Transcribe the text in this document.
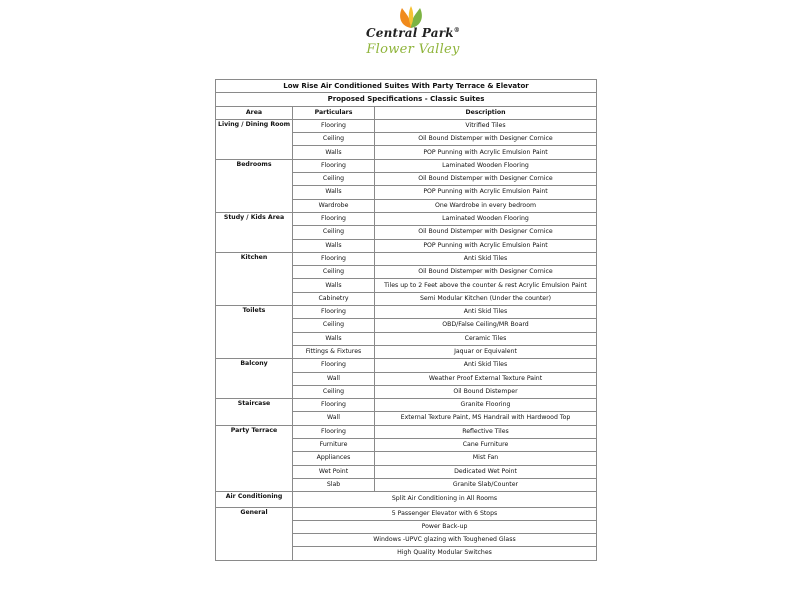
Central Park®
Flower Valley
Low Rise Air Conditioned Suites With Party Terrace & Elevator		
Proposed Specifications - Classic Suites		
Area	Particulars	Description
Living / Dining Room	Flooring	Vitrified Tiles
	Ceiling	Oil Bound Distemper with Designer Cornice
	Walls	POP Punning with Acrylic Emulsion Paint
Bedrooms	Flooring	Laminated Wooden Flooring
	Ceiling	Oil Bound Distemper with Designer Cornice
	Walls	POP Punning with Acrylic Emulsion Paint
	Wardrobe	One Wardrobe in every bedroom
Study / Kids Area	Flooring	Laminated Wooden Flooring
	Ceiling	Oil Bound Distemper with Designer Cornice
	Walls	POP Punning with Acrylic Emulsion Paint
Kitchen	Flooring	Anti Skid Tiles
	Ceiling	Oil Bound Distemper with Designer Cornice
	Walls	Tiles up to 2 Feet above the counter & rest Acrylic Emulsion Paint
	Cabinetry	Semi Modular Kitchen (Under the counter)
Toilets	Flooring	Anti Skid Tiles
	Ceiling	OBD/False Ceiling/MR Board
	Walls	Ceramic Tiles
	Fittings & Fixtures	Jaquar or Equivalent
Balcony	Flooring	Anti Skid Tiles
	Wall	Weather Proof External Texture Paint
	Ceiling	Oil Bound Distemper
Staircase	Flooring	Granite Flooring
	Wall	External Texture Paint, MS Handrail with Hardwood Top
Party Terrace	Flooring	Reflective Tiles
	Furniture	Cane Furniture
	Appliances	Mist Fan
	Wet Point	Dedicated Wet Point
	Slab	Granite Slab/Counter
Air Conditioning	Split Air Conditioning in All Rooms	
General	5 Passenger Elevator with 6 Stops	
	Power Back-up	
	Windows -UPVC glazing with Toughened Glass	
	High Quality Modular Switches	
